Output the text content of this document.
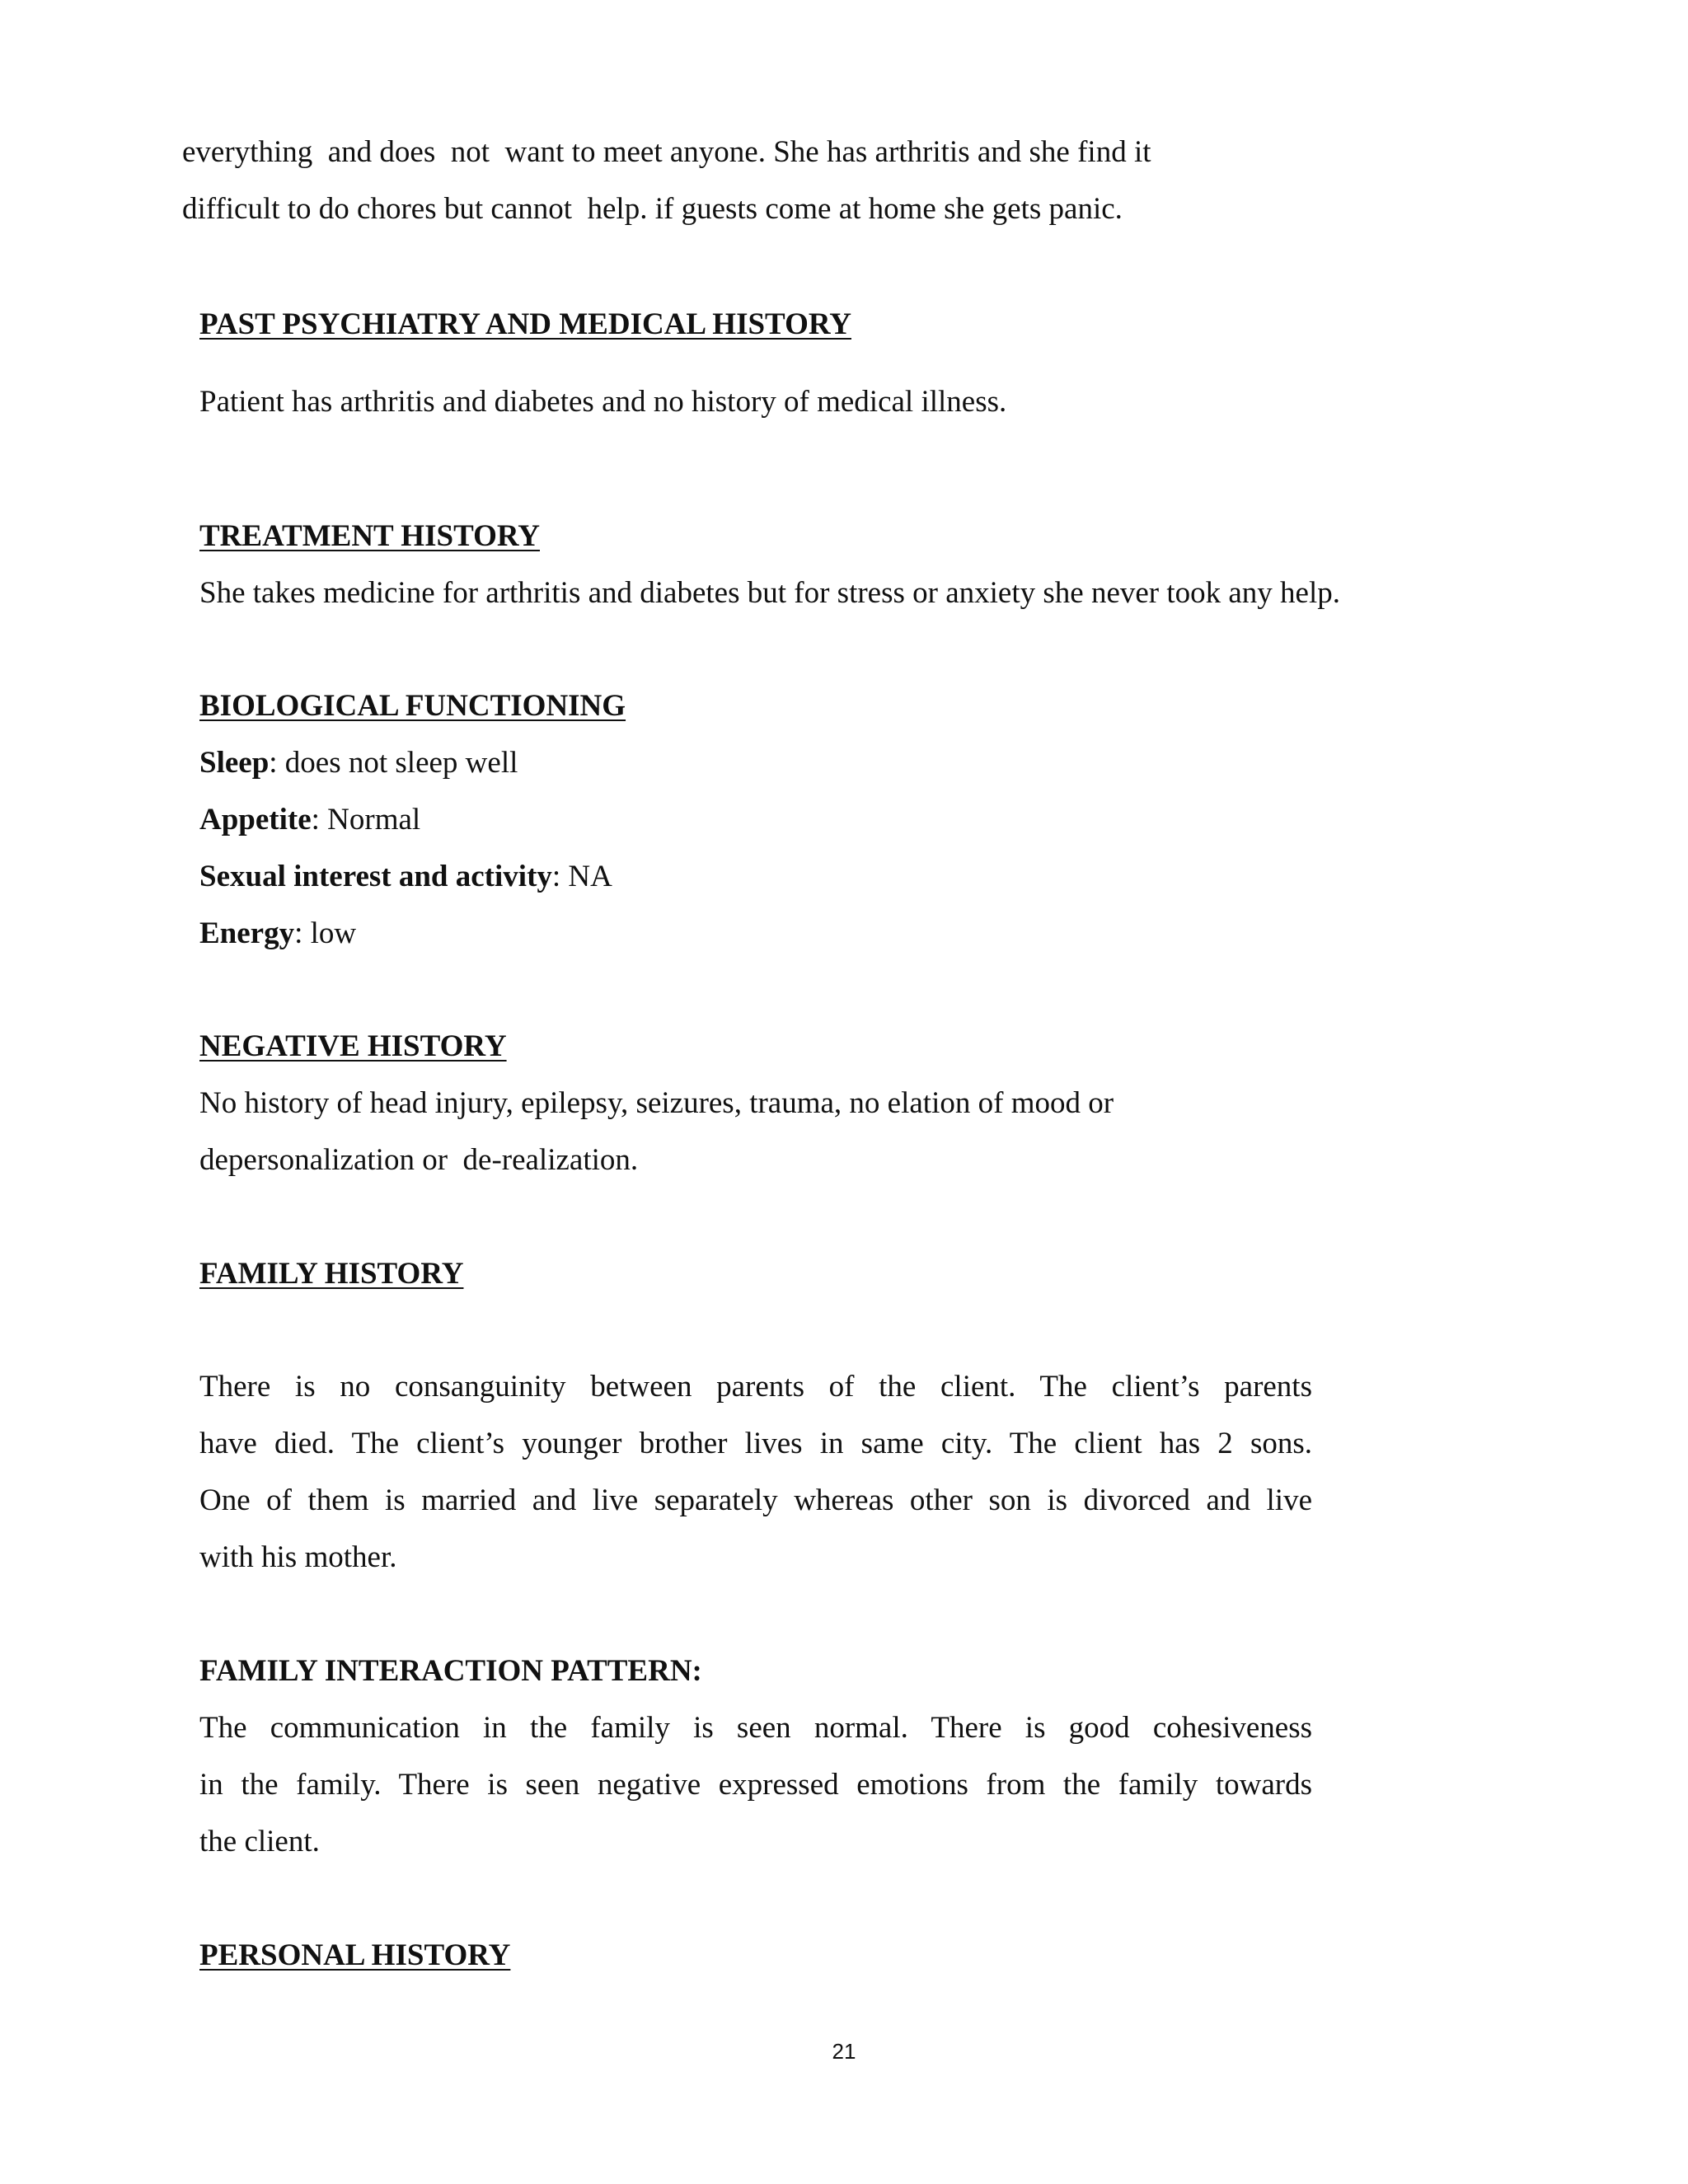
everything  and does  not  want to meet anyone. She has arthritis and she find it
difficult to do chores but cannot  help. if guests come at home she gets panic.
PAST PSYCHIATRY AND MEDICAL HISTORY
Patient has arthritis and diabetes and no history of medical illness.
TREATMENT HISTORY
She takes medicine for arthritis and diabetes but for stress or anxiety she never took any help.
BIOLOGICAL FUNCTIONING
Sleep: does not sleep well
Appetite: Normal
Sexual interest and activity: NA
Energy: low
NEGATIVE HISTORY
No history of head injury, epilepsy, seizures, trauma, no elation of mood or
depersonalization or  de-realization.
FAMILY HISTORY
There is no consanguinity between parents of the client. The client’s parents
have died. The client’s younger brother lives in same city. The client has 2 sons.
One of them is married and live separately whereas other son is divorced and live
with his mother.
FAMILY INTERACTION PATTERN:
The communication in the family is seen normal. There is good cohesiveness
in the family. There is seen negative expressed emotions from the family towards
the client.
PERSONAL HISTORY
21
